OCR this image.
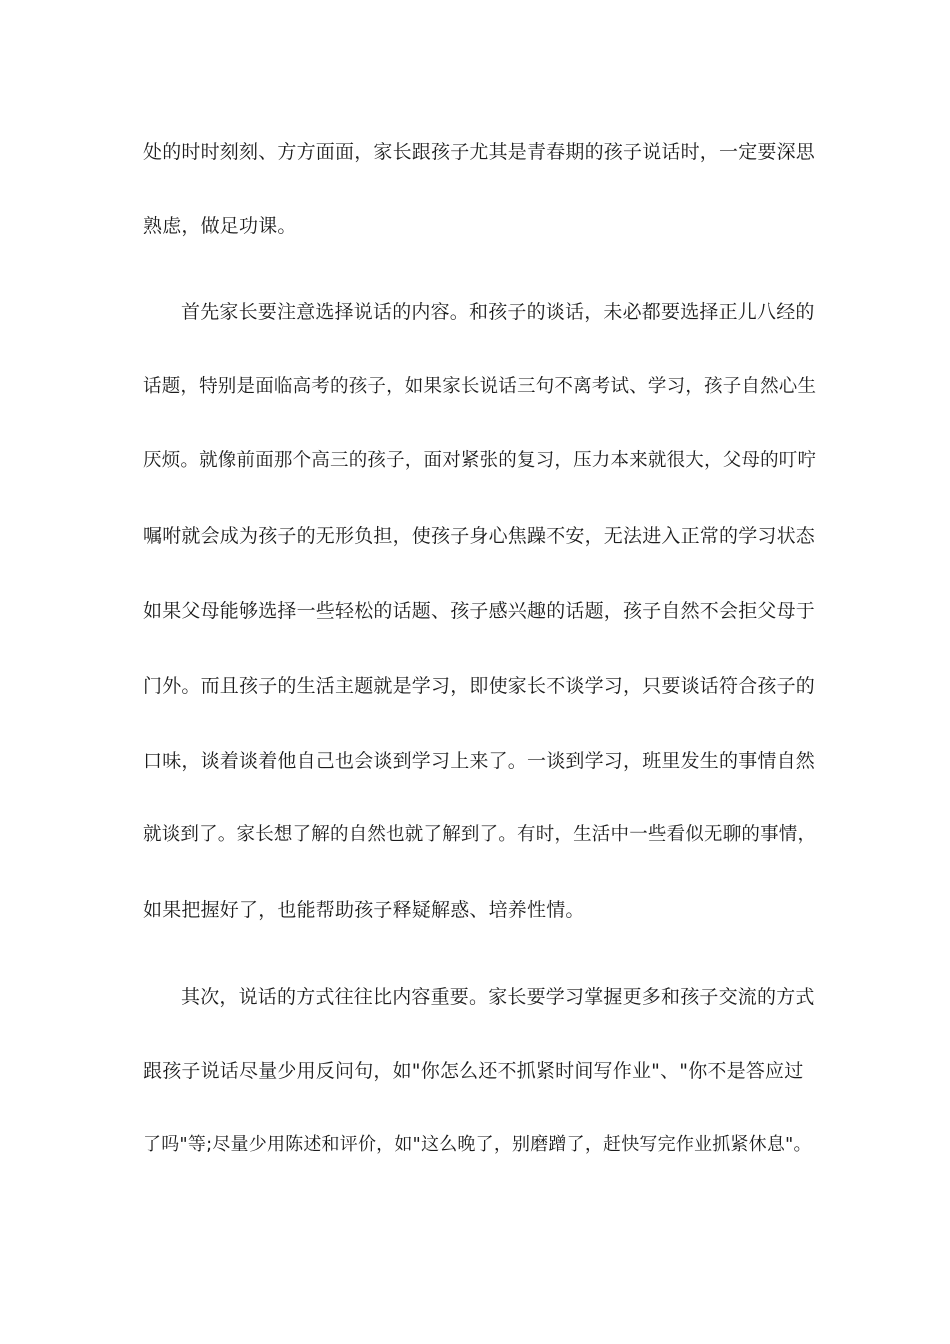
处的时时刻刻、方方面面，家长跟孩子尤其是青春期的孩子说话时，一定要深思
熟虑，做足功课。
首先家长要注意选择说话的内容。和孩子的谈话，未必都要选择正儿八经的
话题，特别是面临高考的孩子，如果家长说话三句不离考试、学习，孩子自然心生
厌烦。就像前面那个高三的孩子，面对紧张的复习，压力本来就很大，父母的叮咛
嘱咐就会成为孩子的无形负担，使孩子身心焦躁不安，无法进入正常的学习状态
如果父母能够选择一些轻松的话题、孩子感兴趣的话题，孩子自然不会拒父母于
门外。而且孩子的生活主题就是学习，即使家长不谈学习，只要谈话符合孩子的
口味，谈着谈着他自己也会谈到学习上来了。一谈到学习，班里发生的事情自然
就谈到了。家长想了解的自然也就了解到了。有时，生活中一些看似无聊的事情，
如果把握好了，也能帮助孩子释疑解惑、培养性情。
其次，说话的方式往往比内容重要。家长要学习掌握更多和孩子交流的方式
跟孩子说话尽量少用反问句，如"你怎么还不抓紧时间写作业"、"你不是答应过
了吗"等;尽量少用陈述和评价，如"这么晚了，别磨蹭了，赶快写完作业抓紧休息"。
